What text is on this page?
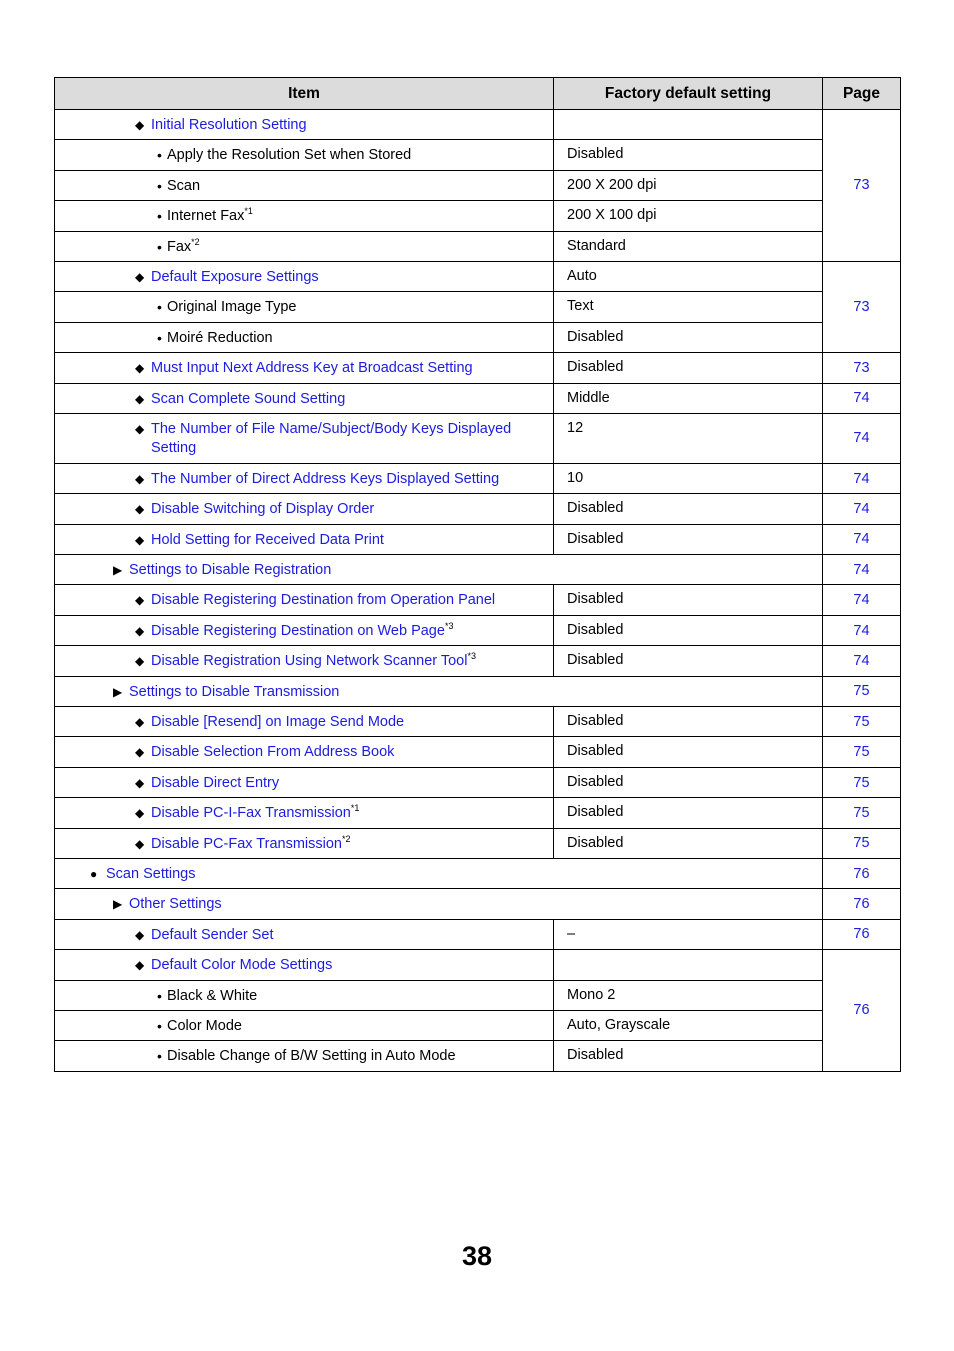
Item	Factory default setting	Page

◆ Initial Resolution Setting		73

• Apply the Resolution Set when Stored	Disabled	

• Scan	200 X 200 dpi	

• Internet Fax$^{*1}$	200 X 100 dpi	

• Fax$^{*2}$	Standard	

◆ Default Exposure Settings	Auto	73

• Original Image Type	Text	

• Moiré Reduction	Disabled	

◆ Must Input Next Address Key at Broadcast Setting	Disabled	73

◆ Scan Complete Sound Setting	Middle	74

◆ The Number of File Name/Subject/Body Keys Displayed Setting	12	74

◆ The Number of Direct Address Keys Displayed Setting	10	74

◆ Disable Switching of Display Order	Disabled	74

◆ Hold Setting for Received Data Print	Disabled	74

▶ Settings to Disable Registration		74

◆ Disable Registering Destination from Operation Panel	Disabled	74

◆ Disable Registering Destination on Web Page$^{*3}$	Disabled	74

◆ Disable Registration Using Network Scanner Tool$^{*3}$	Disabled	74

▶ Settings to Disable Transmission		75

◆ Disable [Resend] on Image Send Mode	Disabled	75

◆ Disable Selection From Address Book	Disabled	75

◆ Disable Direct Entry	Disabled	75

◆ Disable PC-I-Fax Transmission$^{*1}$	Disabled	75

◆ Disable PC-Fax Transmission$^{*2}$	Disabled	75

● Scan Settings		76

▶ Other Settings		76

◆ Default Sender Set	–	76

◆ Default Color Mode Settings		76

• Black & White	Mono 2	

• Color Mode	Auto, Grayscale	

• Disable Change of B/W Setting in Auto Mode	Disabled	
38
